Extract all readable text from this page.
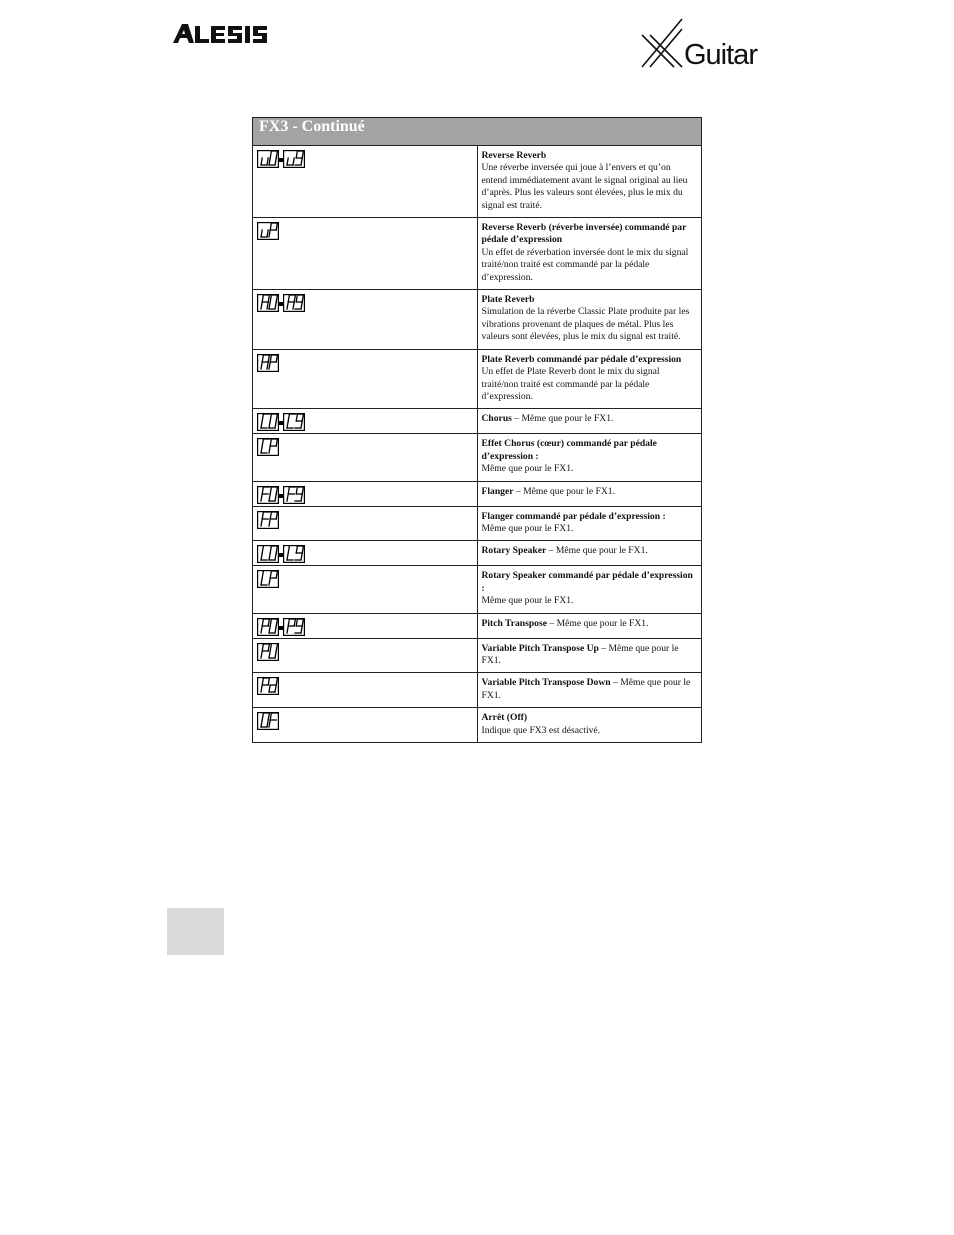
Guitar
FX3 - Continué	

	Reverse Reverb
Une réverbe inversée qui joue à l’envers et qu’on entend immédiatement avant le signal original au lieu d’après. Plus les valeurs sont élevées, plus le mix du signal est traité.

	Reverse Reverb (réverbe inversée) commandé par pédale d’expression
Un effet de réverbation inversée dont le mix du signal traité/non traité est commandé par la pédale d’expression.

	Plate Reverb
Simulation de la réverbe Classic Plate produite par les vibrations provenant de plaques de métal. Plus les valeurs sont élevées, plus le mix du signal est traité.

	Plate Reverb commandé par pédale d’expression
Un effet de Plate Reverb dont le mix du signal traité/non traité est commandé par la pédale d’expression.

	Chorus – Même que pour le FX1.

	Effet Chorus (cœur) commandé par pédale d’expression :
Même que pour le FX1.

	Flanger – Même que pour le FX1.

	Flanger commandé par pédale d’expression :
Même que pour le FX1.

	Rotary Speaker – Même que pour le FX1.

	Rotary Speaker commandé par pédale d’expression :
Même que pour le FX1.

	Pitch Transpose – Même que pour le FX1.

	Variable Pitch Transpose Up – Même que pour le FX1.

	Variable Pitch Transpose Down – Même que pour le FX1.

	Arrêt (Off)
Indique que FX3 est désactivé.
